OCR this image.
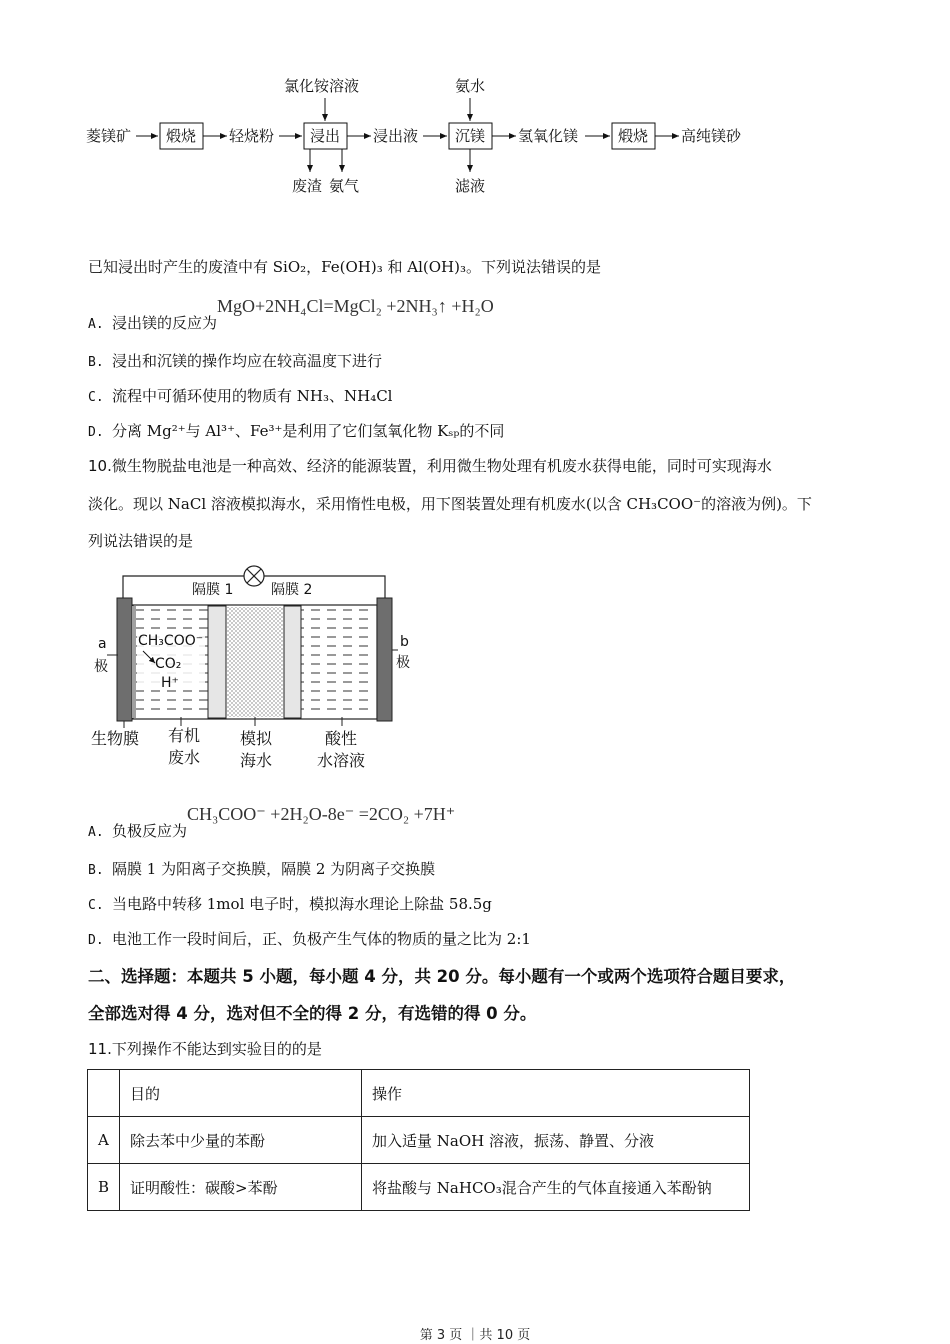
氯化铵溶液	氨水
菱镁矿 煅烧 轻烧粉 浸出 浸出液 沉镁 氢氧化镁	煅烧 高纯镁砂
废渣 氨气	滤液
已知浸出时产生的废渣中有 SiO₂，Fe(OH)₃ 和 Al(OH)₃。下列说法错误的是
A. 浸出镁的反应为MgO+2NH₄Cl=MgCl₂ +2NH₃↑ +H₂O
B. 浸出和沉镁的操作均应在较高温度下进行
C. 流程中可循环使用的物质有 NH₃、NH₄Cl
D. 分离 Mg²⁺与 Al³⁺、Fe³⁺是利用了它们氢氧化物 Kₛₚ的不同
10.微生物脱盐电池是一种高效、经济的能源装置，利用微生物处理有机废水获得电能，同时可实现海水
淡化。现以 NaCl 溶液模拟海水，采用惰性电极，用下图装置处理有机废水(以含 CH₃COO⁻的溶液为例)。下
列说法错误的是
隔膜 1	隔膜 2
a
极
b
极
CH₃COO⁻
CO₂
H⁺
生物膜 有机
废水
模拟
海水
酸性
水溶液
A. 负极反应为CH₃COO⁻ +2H₂O-8e⁻ =2CO₂ +7H⁺
B. 隔膜 1 为阳离子交换膜，隔膜 2 为阴离子交换膜
C. 当电路中转移 1mol 电子时，模拟海水理论上除盐 58.5g
D. 电池工作一段时间后，正、负极产生气体的物质的量之比为 2:1
二、选择题：本题共 5 小题，每小题 4 分，共 20 分。每小题有一个或两个选项符合题目要求，
全部选对得 4 分，选对但不全的得 2 分，有选错的得 0 分。
11.下列操作不能达到实验目的的是
	目的	操作
A	除去苯中少量的苯酚	加入适量 NaOH 溶液，振荡、静置、分液
B	证明酸性：碳酸>苯酚	将盐酸与 NaHCO₃混合产生的气体直接通入苯酚钠
第 3 页 ｜共 10 页
